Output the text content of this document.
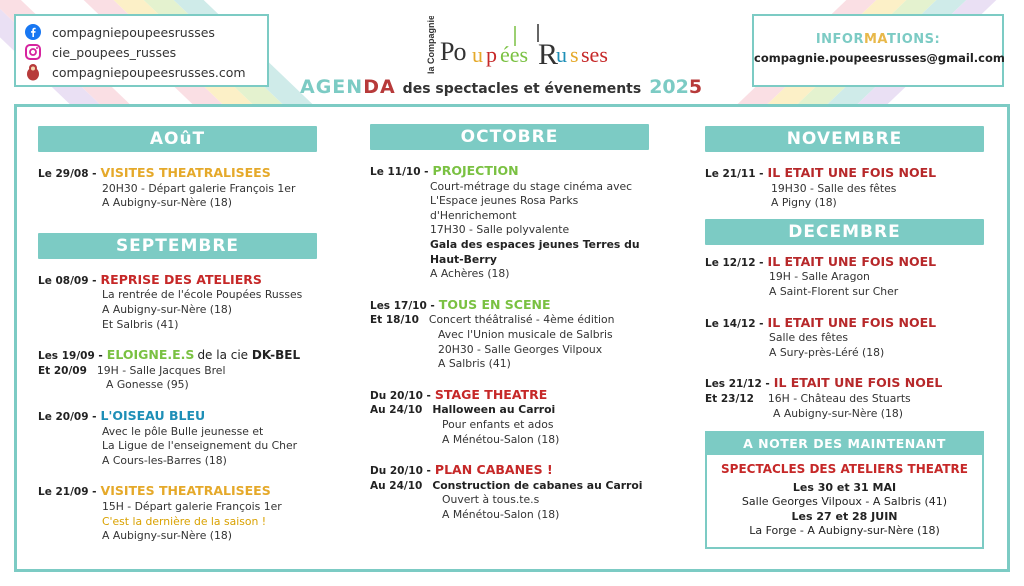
compagniepoupeesrusses
cie_poupees_russes
compagniepoupeesrusses.com	la Compagnie Po u p ées R
u s ses
AGEN DA des spectacles et évenements 202 5
INFORMATIONS:
compagnie.poupeesrusses@gmail.com
AOûT
Le 29/08 - VISITES THEATRALISEES
20H30 - Départ galerie François 1er
A Aubigny-sur-Nère (18)
SEPTEMBRE
Le 08/09 - REPRISE DES ATELIERS
La rentrée de l'école Poupées Russes
A Aubigny-sur-Nère (18)
Et Salbris (41)
Les 19/09 - ELOIGNE.E.S de la cie DK-BEL
Et 20/09 19H - Salle Jacques Brel
A Gonesse (95)
Le 20/09 - L'OISEAU BLEU
Avec le pôle Bulle jeunesse et
La Ligue de l'enseignement du Cher
A Cours-les-Barres (18)
Le 21/09 - VISITES THEATRALISEES
15H - Départ galerie François 1er
C'est la dernière de la saison !
A Aubigny-sur-Nère (18)
OCTOBRE
Le 11/10 - PROJECTION
Court-métrage du stage cinéma avec
L'Espace jeunes Rosa Parks
d'Henrichemont
17H30 - Salle polyvalente
Gala des espaces jeunes Terres du
Haut-Berry
A Achères (18)
Les 17/10 - TOUS EN SCENE
Et 18/10 Concert théâtralisé - 4ème édition
Avec l'Union musicale de Salbris
20H30 - Salle Georges Vilpoux
A Salbris (41)
Du 20/10 - STAGE THEATRE
Au 24/10 Halloween au Carroi
Pour enfants et ados
A Ménétou-Salon (18)
Du 20/10 - PLAN CABANES !
Au 24/10 Construction de cabanes au Carroi
Ouvert à tous.te.s
A Ménétou-Salon (18)
NOVEMBRE
Le 21/11 - IL ETAIT UNE FOIS NOEL
19H30 - Salle des fêtes
A Pigny (18)
DECEMBRE
Le 12/12 - IL ETAIT UNE FOIS NOEL
19H - Salle Aragon
A Saint-Florent sur Cher
Le 14/12 - IL ETAIT UNE FOIS NOEL
Salle des fêtes
A Sury-près-Léré (18)
Les 21/12 - IL ETAIT UNE FOIS NOEL
Et 23/12 16H - Château des Stuarts
A Aubigny-sur-Nère (18)
A NOTER DES MAINTENANT
SPECTACLES DES ATELIERS THEATRE
Les 30 et 31 MAI
Salle Georges Vilpoux - A Salbris (41)
Les 27 et 28 JUIN
La Forge - A Aubigny-sur-Nère (18)
